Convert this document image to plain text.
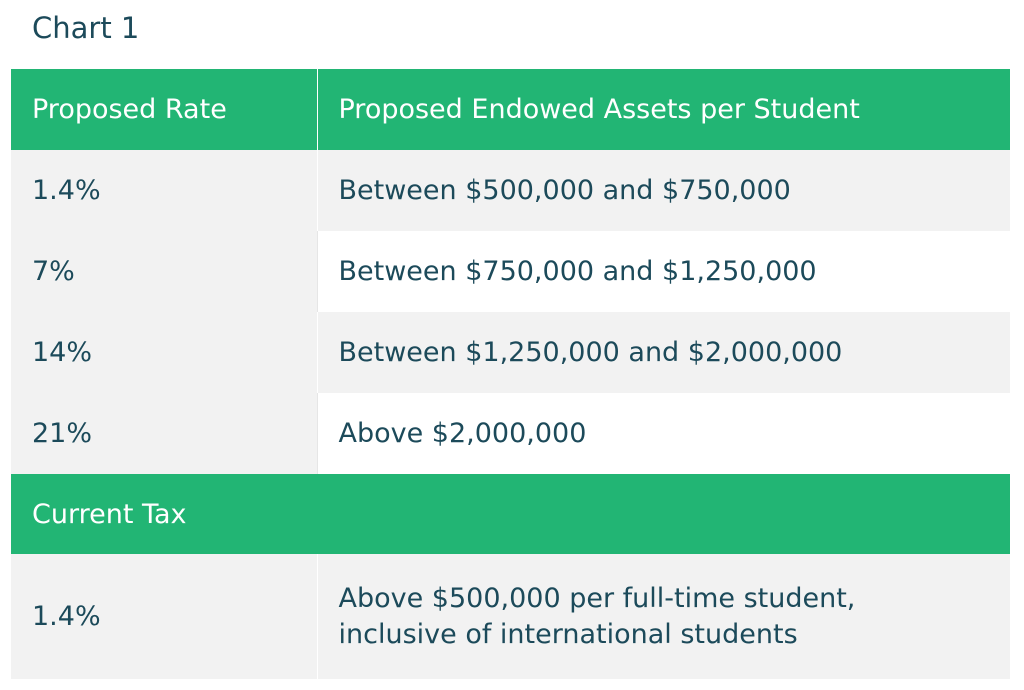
Chart 1
Proposed Rate	Proposed Endowed Assets per Student
1.4%	Between $500,000 and $750,000
7%	Between $750,000 and $1,250,000
14%	Between $1,250,000 and $2,000,000
21%	Above $2,000,000
Current Tax	
1.4%	Above $500,000 per full-time student,
inclusive of international students
